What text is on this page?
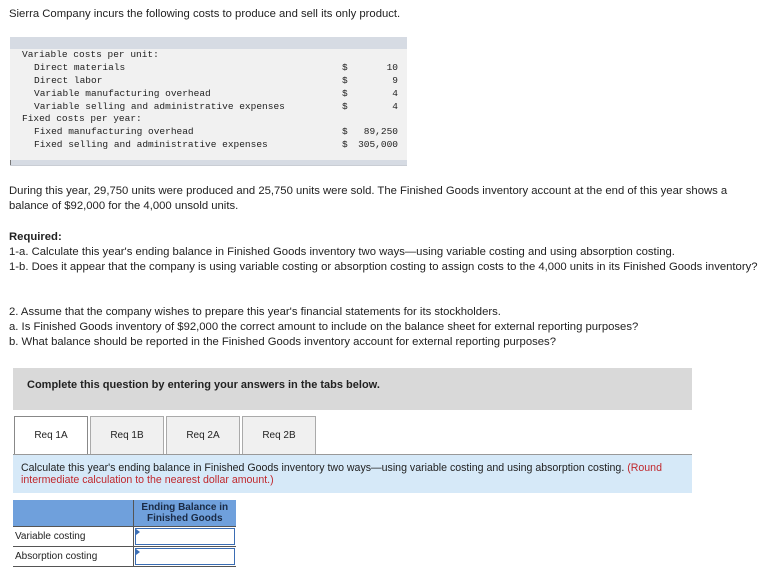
Sierra Company incurs the following costs to produce and sell its only product.
Variable costs per unit:
Direct materials	$	10
Direct labor	$	9
Variable manufacturing overhead	$	4
Variable selling and administrative expenses	$	4
Fixed costs per year:
Fixed manufacturing overhead	$ 89,250
Fixed selling and administrative expenses	$ 305,000
During this year, 29,750 units were produced and 25,750 units were sold. The Finished Goods inventory account at the end of this year shows a balance of $92,000 for the 4,000 unsold units.
Required:
1-a. Calculate this year's ending balance in Finished Goods inventory two ways—using variable costing and using absorption costing.
1-b. Does it appear that the company is using variable costing or absorption costing to assign costs to the 4,000 units in its Finished Goods inventory?
2. Assume that the company wishes to prepare this year's financial statements for its stockholders.
a. Is Finished Goods inventory of $92,000 the correct amount to include on the balance sheet for external reporting purposes?
b. What balance should be reported in the Finished Goods inventory account for external reporting purposes?
Complete this question by entering your answers in the tabs below.
Req 1A	Req 1B	Req 2A	Req 2B
Calculate this year's ending balance in Finished Goods inventory two ways—using variable costing and using absorption costing. (Round intermediate calculation to the nearest dollar amount.)
	Ending Balance in Finished Goods
Variable costing	

Absorption costing	
